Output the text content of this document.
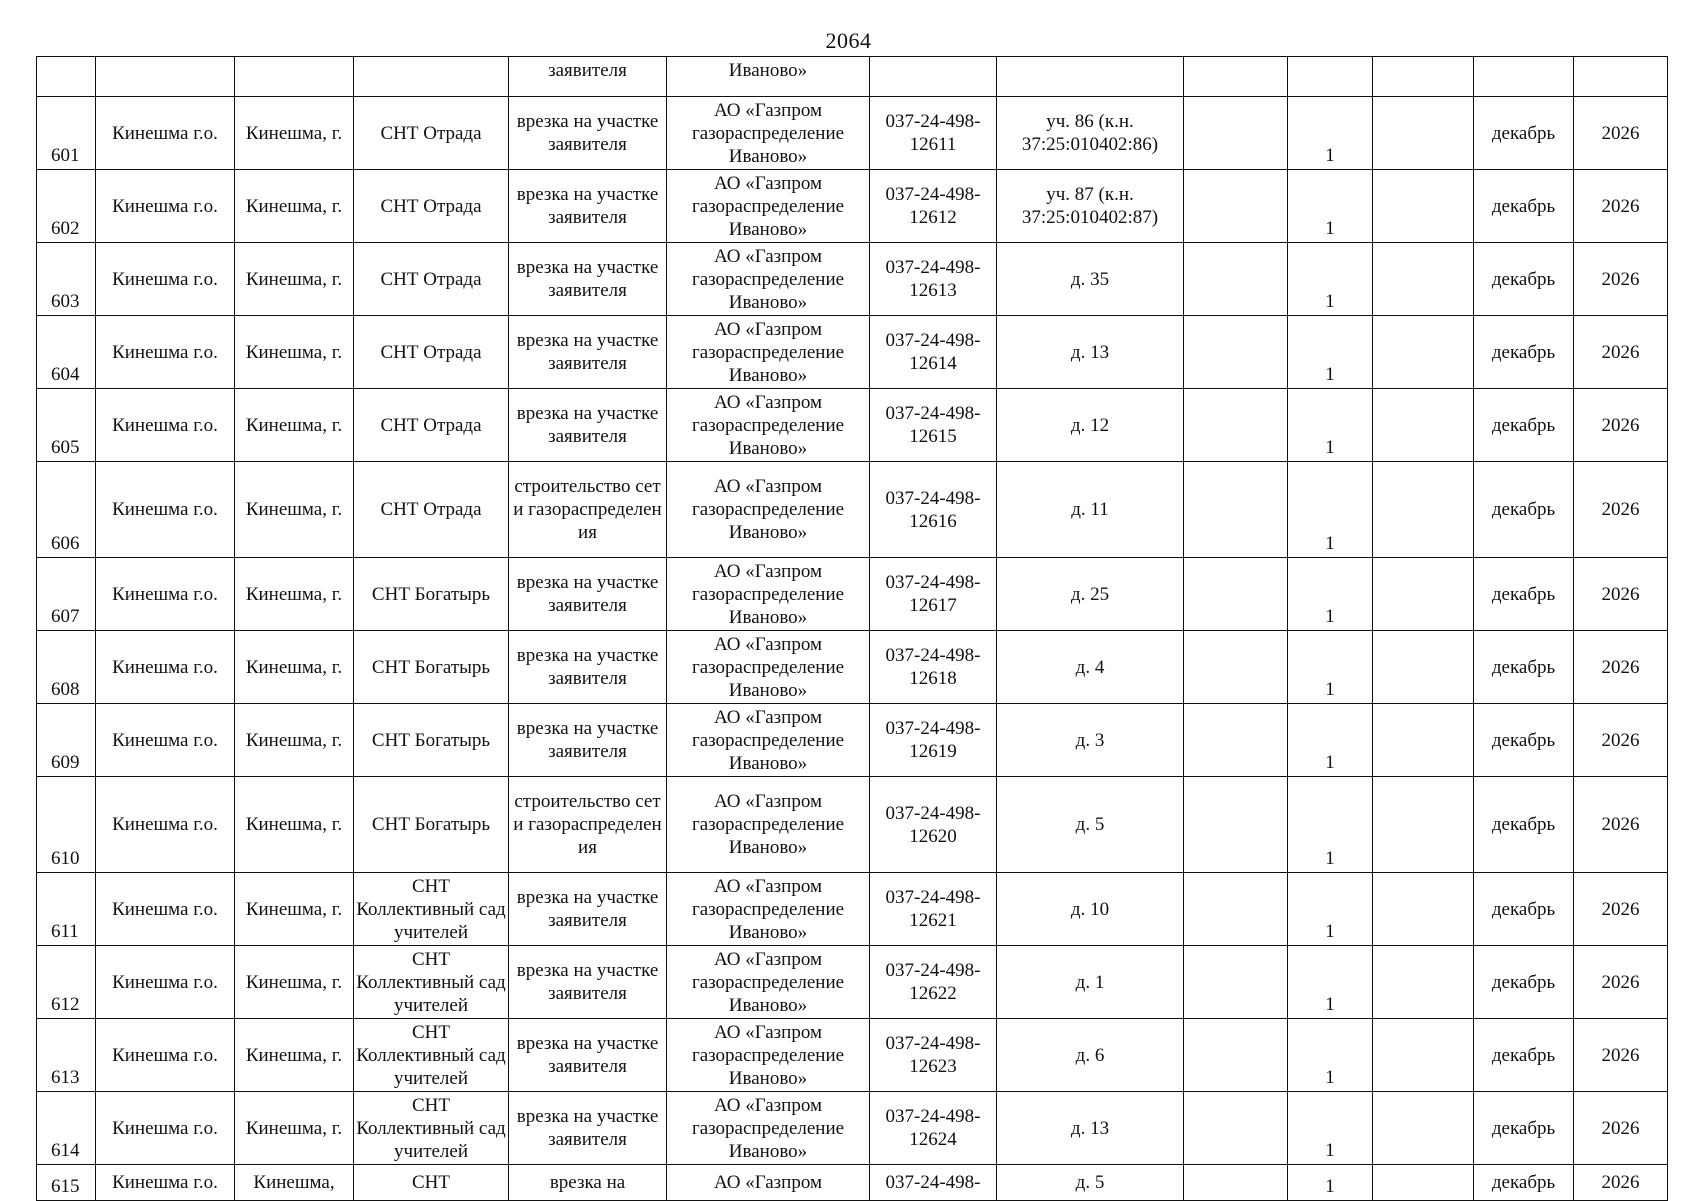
2064

				заявителя	Иваново»							

601	Кинешма г.о.	Кинешма, г.	СНТ Отрада	врезка на участке заявителя	АО «Газпром газораспределение Иваново»	037-24-498-12611	уч. 86 (к.н. 37:25:010402:86)		1		декабрь	2026

602	Кинешма г.о.	Кинешма, г.	СНТ Отрада	врезка на участке заявителя	АО «Газпром газораспределение Иваново»	037-24-498-12612	уч. 87 (к.н. 37:25:010402:87)		1		декабрь	2026

603	Кинешма г.о.	Кинешма, г.	СНТ Отрада	врезка на участке заявителя	АО «Газпром газораспределение Иваново»	037-24-498-12613	д. 35		1		декабрь	2026

604	Кинешма г.о.	Кинешма, г.	СНТ Отрада	врезка на участке заявителя	АО «Газпром газораспределение Иваново»	037-24-498-12614	д. 13		1		декабрь	2026

605	Кинешма г.о.	Кинешма, г.	СНТ Отрада	врезка на участке заявителя	АО «Газпром газораспределение Иваново»	037-24-498-12615	д. 12		1		декабрь	2026

606	Кинешма г.о.	Кинешма, г.	СНТ Отрада	строительство сети газораспределения	АО «Газпром газораспределение Иваново»	037-24-498-12616	д. 11		1		декабрь	2026

607	Кинешма г.о.	Кинешма, г.	СНТ Богатырь	врезка на участке заявителя	АО «Газпром газораспределение Иваново»	037-24-498-12617	д. 25		1		декабрь	2026

608	Кинешма г.о.	Кинешма, г.	СНТ Богатырь	врезка на участке заявителя	АО «Газпром газораспределение Иваново»	037-24-498-12618	д. 4		1		декабрь	2026

609	Кинешма г.о.	Кинешма, г.	СНТ Богатырь	врезка на участке заявителя	АО «Газпром газораспределение Иваново»	037-24-498-12619	д. 3		1		декабрь	2026

610	Кинешма г.о.	Кинешма, г.	СНТ Богатырь	строительство сети газораспределения	АО «Газпром газораспределение Иваново»	037-24-498-12620	д. 5		1		декабрь	2026

611	Кинешма г.о.	Кинешма, г.	СНТ Коллективный сад учителей	врезка на участке заявителя	АО «Газпром газораспределение Иваново»	037-24-498-12621	д. 10		1		декабрь	2026

612	Кинешма г.о.	Кинешма, г.	СНТ Коллективный сад учителей	врезка на участке заявителя	АО «Газпром газораспределение Иваново»	037-24-498-12622	д. 1		1		декабрь	2026

613	Кинешма г.о.	Кинешма, г.	СНТ Коллективный сад учителей	врезка на участке заявителя	АО «Газпром газораспределение Иваново»	037-24-498-12623	д. 6		1		декабрь	2026

614	Кинешма г.о.	Кинешма, г.	СНТ Коллективный сад учителей	врезка на участке заявителя	АО «Газпром газораспределение Иваново»	037-24-498-12624	д. 13		1		декабрь	2026

615	Кинешма г.о.	Кинешма,	СНТ	врезка на	АО «Газпром	037-24-498-	д. 5		1		декабрь	2026
